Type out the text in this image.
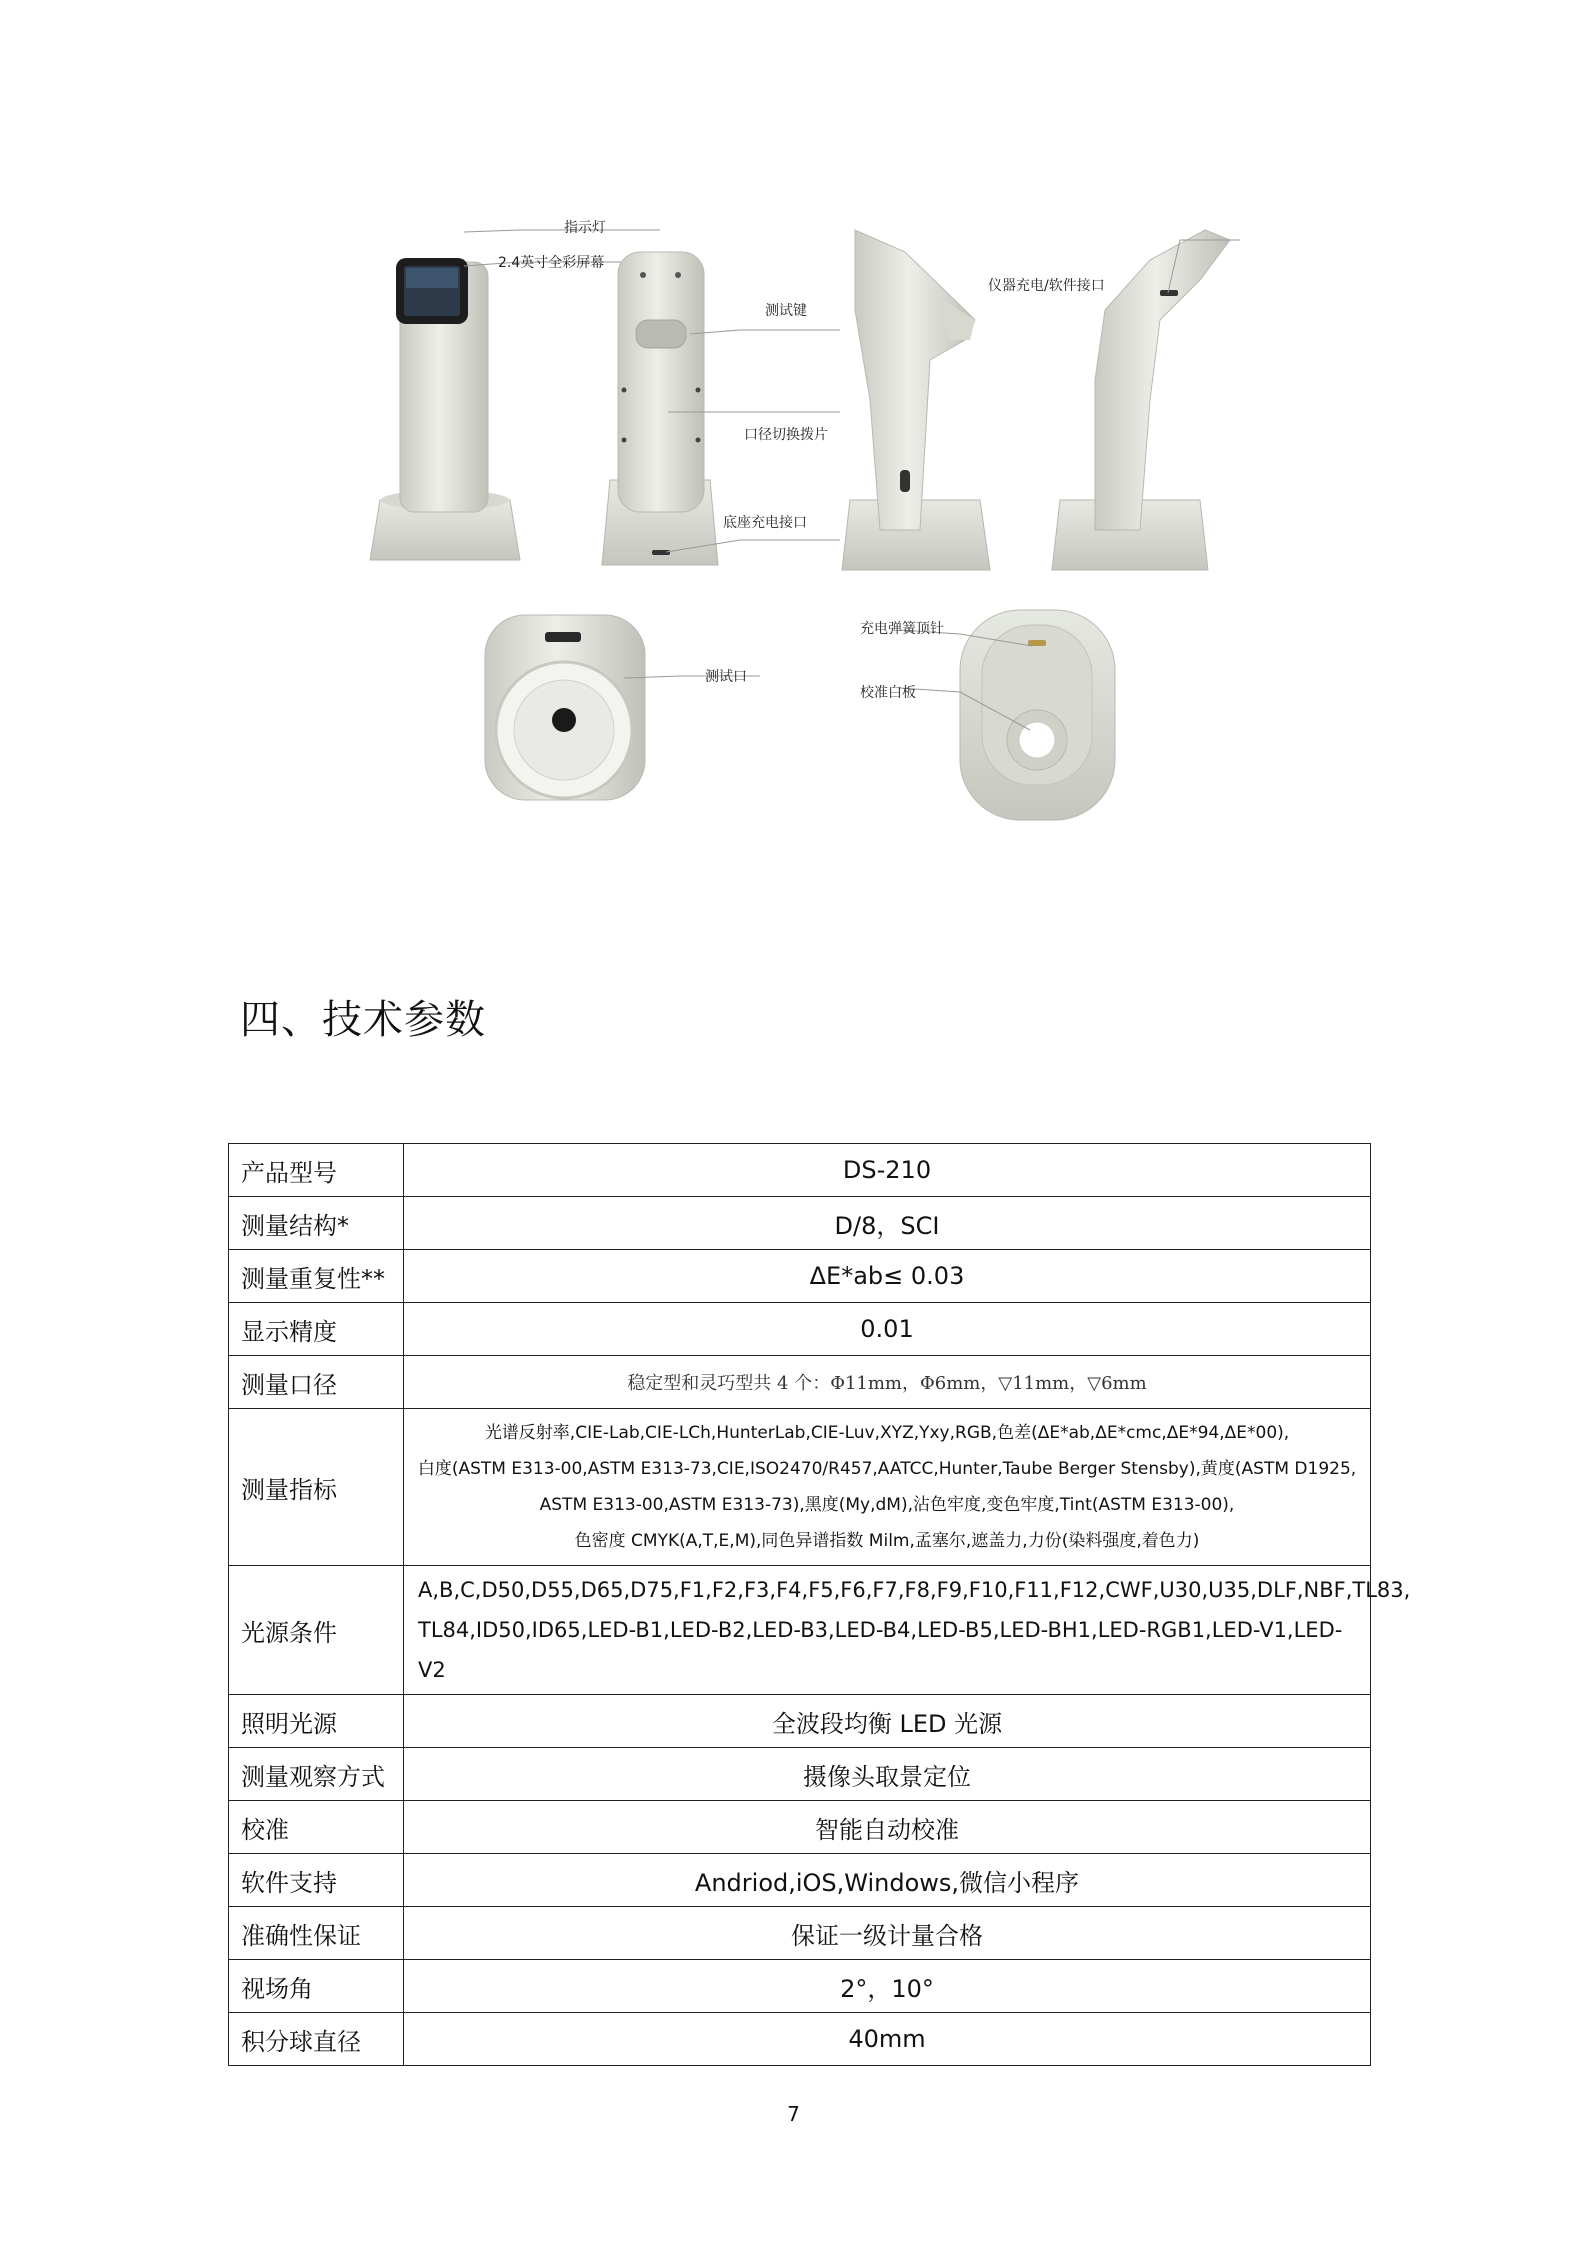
指示灯
2.4英寸全彩屏幕
测试键
仪器充电/软件接口
口径切换拨片
底座充电接口
充电弹簧顶针
测试口
校准白板
四、技术参数
产品型号	DS-210
测量结构*	D/8，SCI
测量重复性**	ΔE*ab≤ 0.03
显示精度	0.01
测量口径	稳定型和灵巧型共 4 个：Φ11mm，Φ6mm，▽11mm，▽6mm
测量指标	光谱反射率,CIE-Lab,CIE-LCh,HunterLab,CIE-Luv,XYZ,Yxy,RGB,色差(ΔE*ab,ΔE*cmc,ΔE*94,ΔE*00),
白度(ASTM E313-00,ASTM E313-73,CIE,ISO2470/R457,AATCC,Hunter,Taube Berger Stensby),黄度(ASTM D1925,
ASTM E313-00,ASTM E313-73),黑度(My,dM),沾色牢度,变色牢度,Tint(ASTM E313-00),
色密度 CMYK(A,T,E,M),同色异谱指数 Milm,孟塞尔,遮盖力,力份(染料强度,着色力)

光源条件	A,B,C,D50,D55,D65,D75,F1,F2,F3,F4,F5,F6,F7,F8,F9,F10,F11,F12,CWF,U30,U35,DLF,NBF,TL83,
TL84,ID50,ID65,LED-B1,LED-B2,LED-B3,LED-B4,LED-B5,LED-BH1,LED-RGB1,LED-V1,LED-V2

照明光源	全波段均衡 LED 光源
测量观察方式	摄像头取景定位
校准	智能自动校准
软件支持	Andriod,iOS,Windows,微信小程序
准确性保证	保证一级计量合格
视场角	2°，10°
积分球直径	40mm
7
